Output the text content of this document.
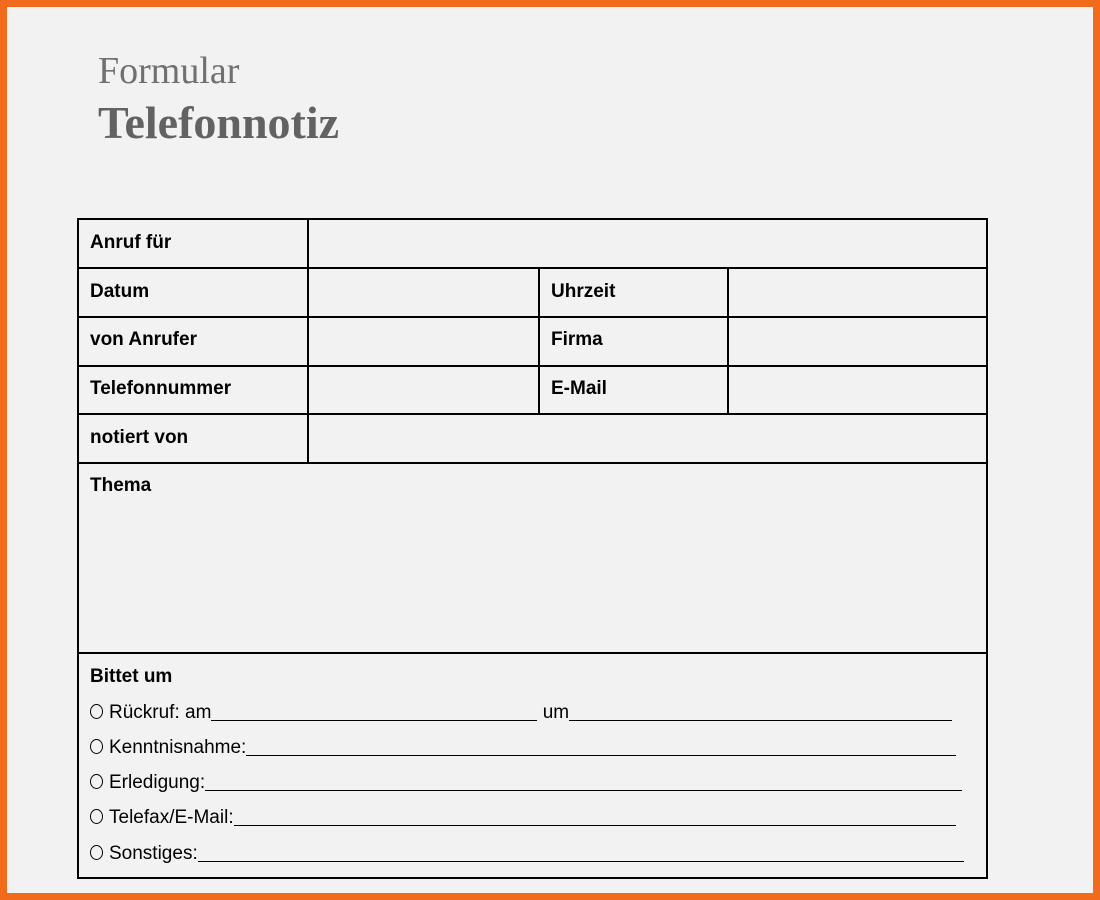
Formular
Telefonnotiz
Anruf für
Datum	Uhrzeit
von Anrufer	Firma
Telefonnummer	E-Mail
notiert von
Thema
Bittet um
Rückruf: am	um
Kenntnisnahme:
Erledigung:
Telefax/E-Mail:
Sonstiges:
